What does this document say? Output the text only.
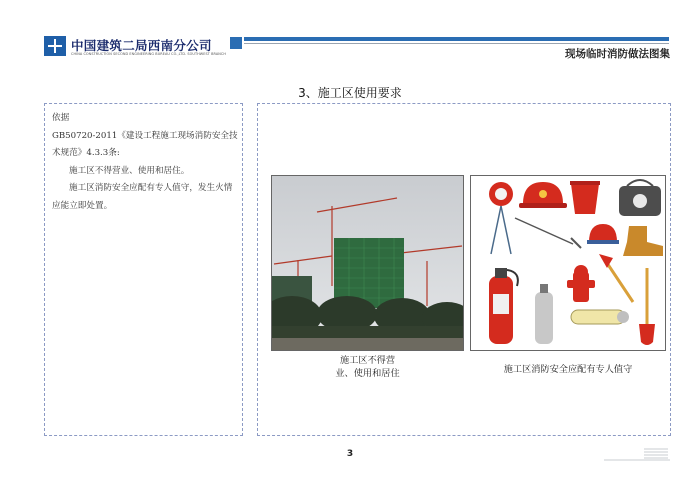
中国建筑二局西南分公司
CHINA CONSTRUCTION SECOND ENGINEERING BUREAU CO.,LTD. SOUTHWEST BRANCH	现场临时消防做法图集
3、施工区使用要求

依据

GB50720-2011《建设工程施工现场消防安全技术规范》4.3.3条:

施工区不得营业、使用和居住。

施工区消防安全应配有专人值守，发生火情应能立即处置。

施工区不得营
业、使用和居住	施工区消防安全应配有专人值守
3
